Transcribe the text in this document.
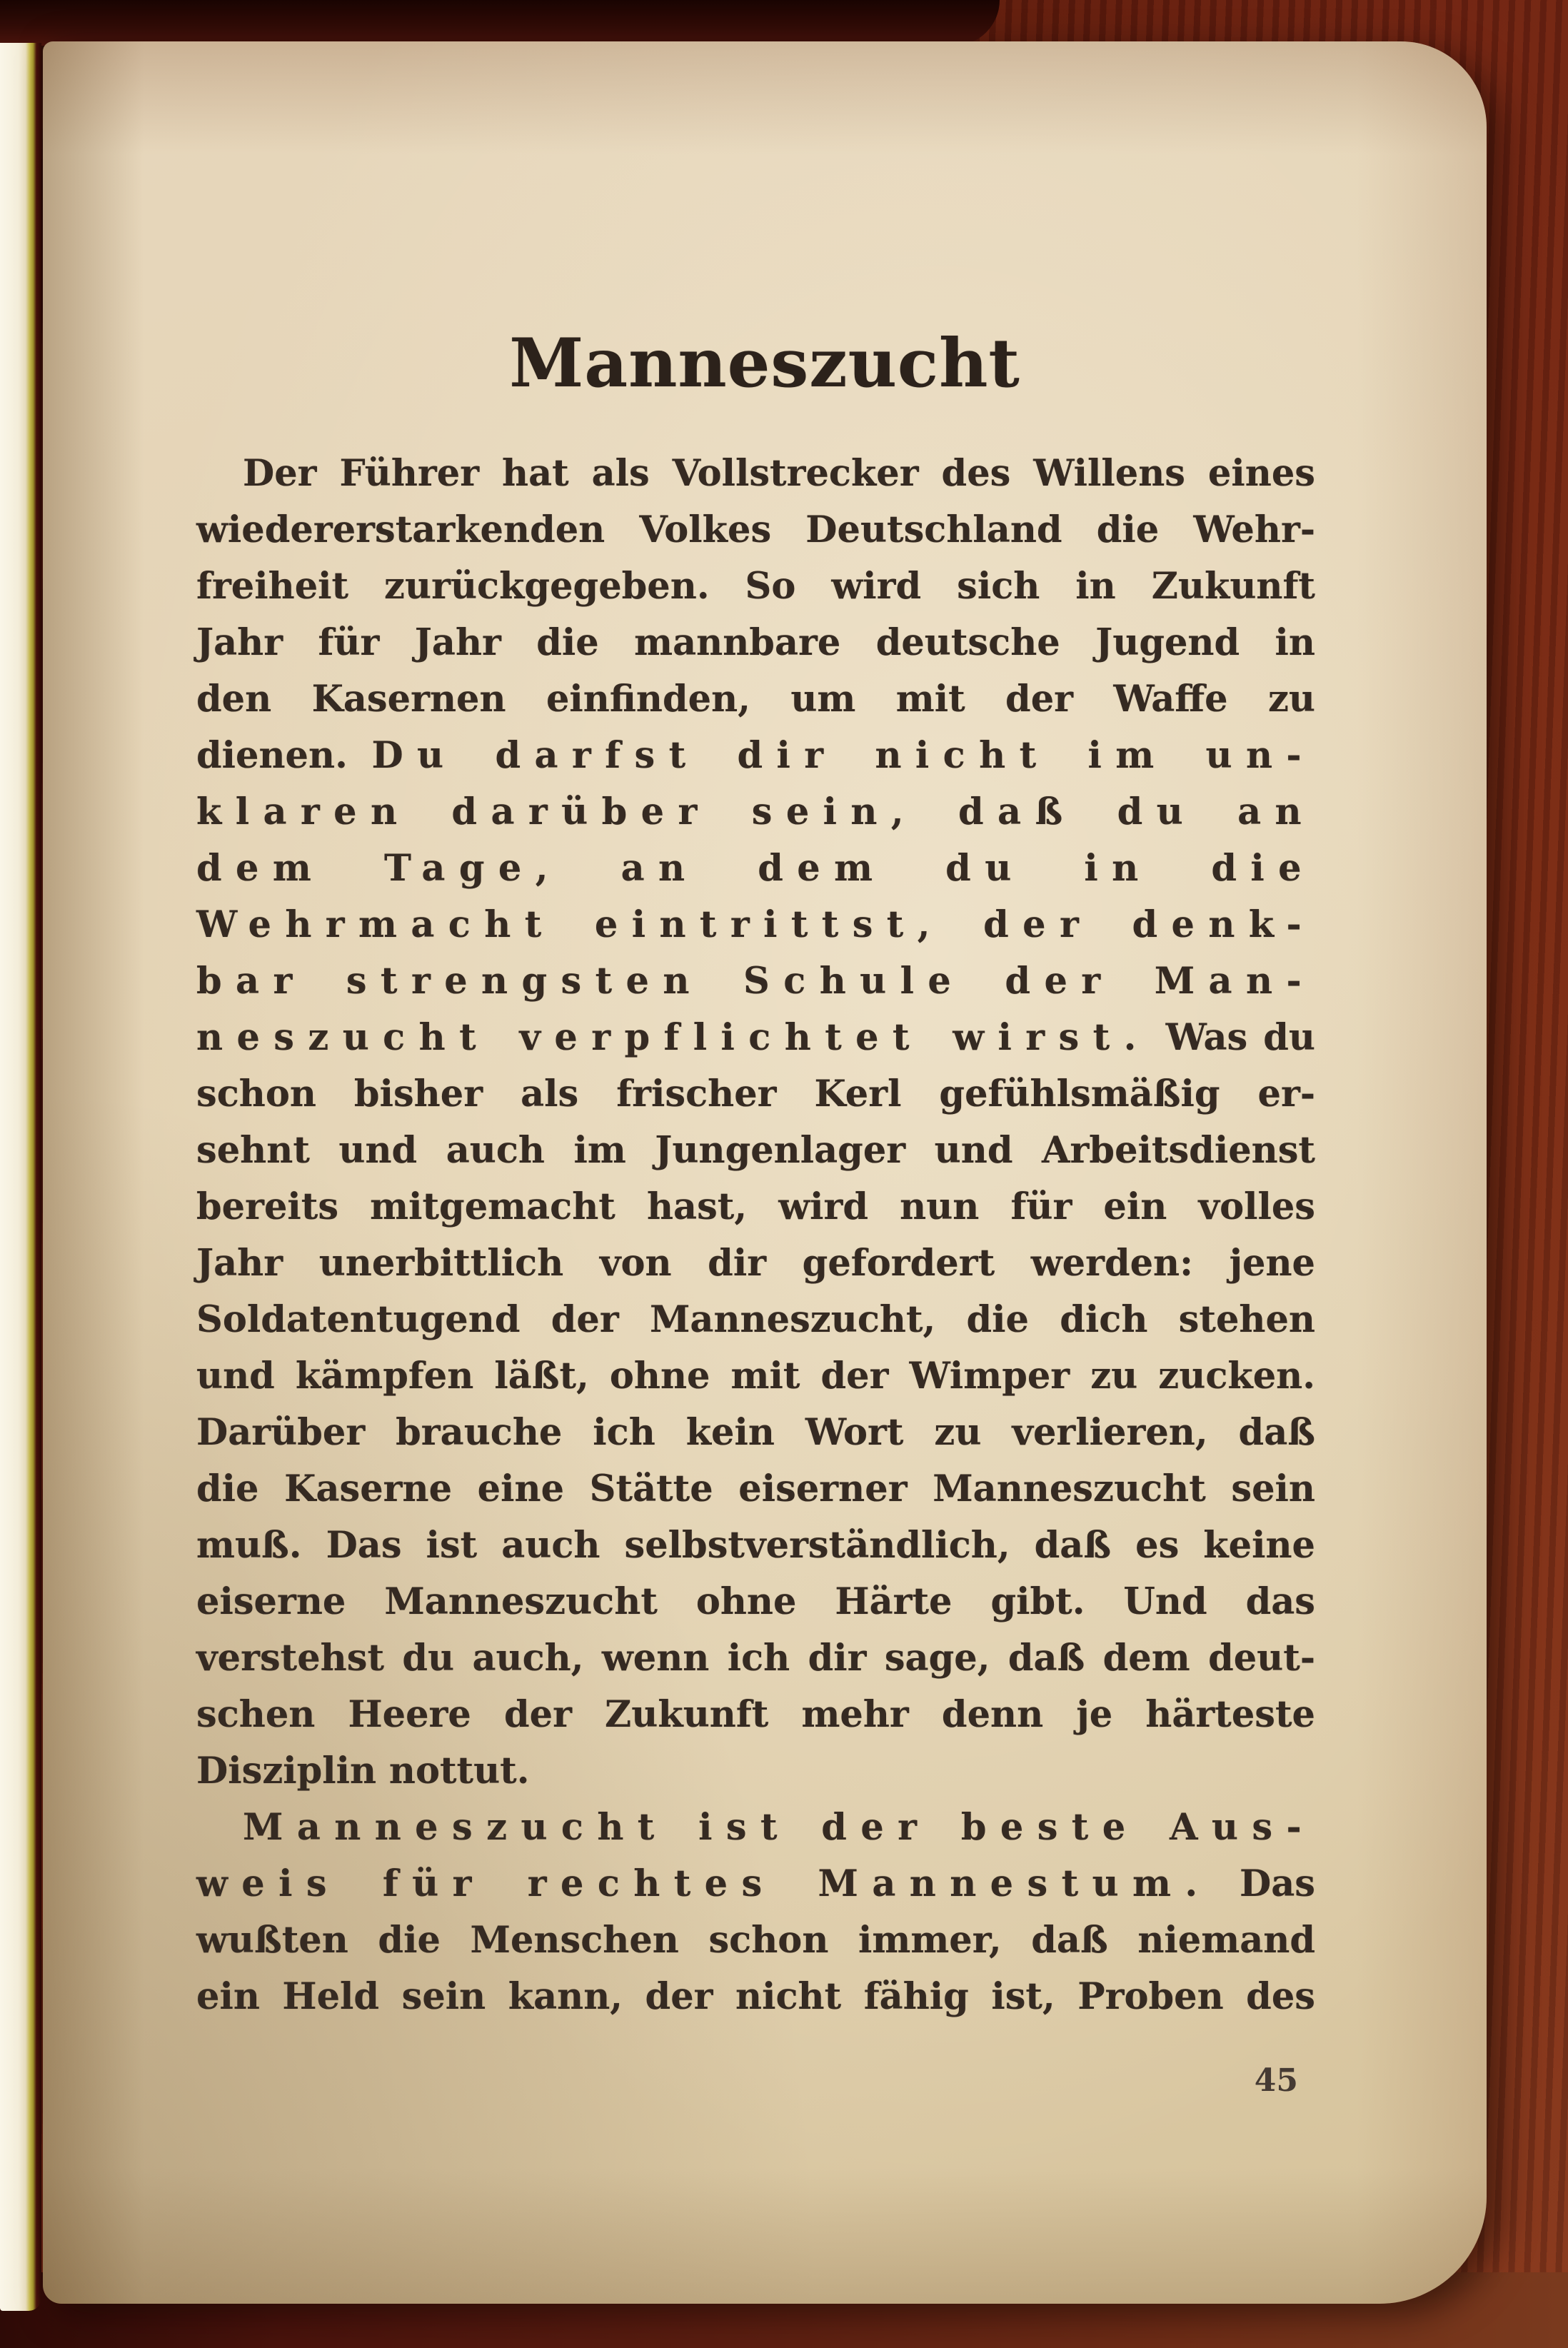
Manneszucht
Der Führer hat als Vollstrecker des Willens eines
wiedererstarkenden Volkes Deutschland die Wehr-
freiheit zurückgegeben. So wird sich in Zukunft
Jahr für Jahr die mannbare deutsche Jugend in
den Kasernen einfinden, um mit der Waffe zu
dienen. Du darfst dir nicht im un-
klaren darüber sein, daß du an
dem Tage, an dem du in die
Wehrmacht eintrittst, der denk-
bar strengsten Schule der Man-
neszucht verpflichtet wirst. Was du
schon bisher als frischer Kerl gefühlsmäßig er-
sehnt und auch im Jungenlager und Arbeitsdienst
bereits mitgemacht hast, wird nun für ein volles
Jahr unerbittlich von dir gefordert werden: jene
Soldatentugend der Manneszucht, die dich stehen
und kämpfen läßt, ohne mit der Wimper zu zucken.
Darüber brauche ich kein Wort zu verlieren, daß
die Kaserne eine Stätte eiserner Manneszucht sein
muß. Das ist auch selbstverständlich, daß es keine
eiserne Manneszucht ohne Härte gibt. Und das
verstehst du auch, wenn ich dir sage, daß dem deut-
schen Heere der Zukunft mehr denn je härteste
Disziplin nottut.
Manneszucht ist der beste Aus-
weis für rechtes Mannestum. Das
wußten die Menschen schon immer, daß niemand
ein Held sein kann, der nicht fähig ist, Proben des
45
